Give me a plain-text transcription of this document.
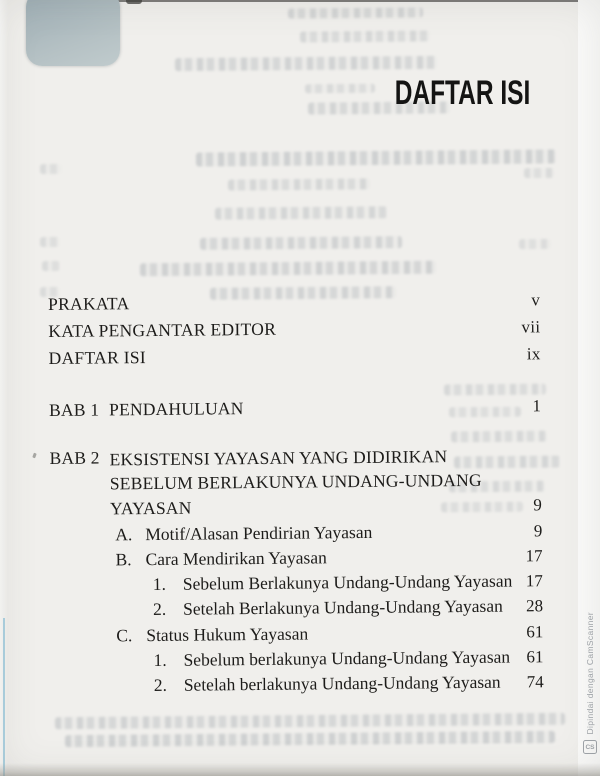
DAFTAR ISI
PRAKATA	v
KATA PENGANTAR EDITOR	vii
DAFTAR ISI	ix
BAB 1 PENDAHULUAN	1
BAB 2 EKSISTENSI YAYASAN YANG DIDIRIKAN
SEBELUM BERLAKUNYA UNDANG-UNDANG
YAYASAN	9
A. Motif/Alasan Pendirian Yayasan	9
B. Cara Mendirikan Yayasan	17
1. Sebelum Berlakunya Undang-Undang Yayasan 17
2. Setelah Berlakunya Undang-Undang Yayasan	28
C. Status Hukum Yayasan	61
1. Sebelum berlakunya Undang-Undang Yayasan 61
2. Setelah berlakunya Undang-Undang Yayasan	74	Dipindai dengan CamScanner
CS
